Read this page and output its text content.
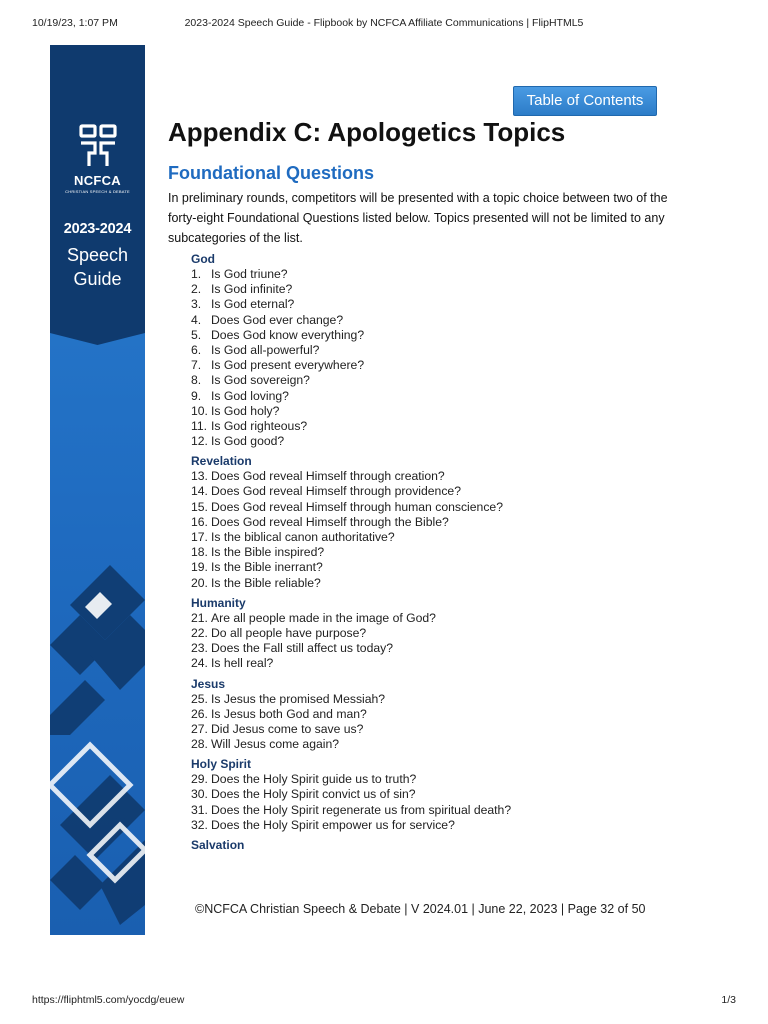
10/19/23, 1:07 PM	2023-2024 Speech Guide - Flipbook by NCFCA Affiliate Communications | FlipHTML5
NCFCA
CHRISTIAN SPEECH & DEBATE
2023-2024
Speech
Guide
Table of Contents
Appendix C: Apologetics Topics
Foundational Questions

In preliminary rounds, competitors will be presented with a topic choice between two of the forty-eight Foundational Questions listed below. Topics presented will not be limited to any subcategories of the list.

God
1. Is God triune?
2. Is God infinite?
3. Is God eternal?
4. Does God ever change?
5. Does God know everything?
6. Is God all-powerful?
7. Is God present everywhere?
8. Is God sovereign?
9. Is God loving?
10. Is God holy?
11. Is God righteous?
12. Is God good?
Revelation
13. Does God reveal Himself through creation?
14. Does God reveal Himself through providence?
15. Does God reveal Himself through human conscience?
16. Does God reveal Himself through the Bible?
17. Is the biblical canon authoritative?
18. Is the Bible inspired?
19. Is the Bible inerrant?
20. Is the Bible reliable?
Humanity
21. Are all people made in the image of God?
22. Do all people have purpose?
23. Does the Fall still affect us today?
24. Is hell real?
Jesus
25. Is Jesus the promised Messiah?
26. Is Jesus both God and man?
27. Did Jesus come to save us?
28. Will Jesus come again?
Holy Spirit
29. Does the Holy Spirit guide us to truth?
30. Does the Holy Spirit convict us of sin?
31. Does the Holy Spirit regenerate us from spiritual death?
32. Does the Holy Spirit empower us for service?
Salvation
©NCFCA Christian Speech & Debate | V 2024.01 | June 22, 2023 | Page 32 of 50
https://fliphtml5.com/yocdg/euew	1/3
